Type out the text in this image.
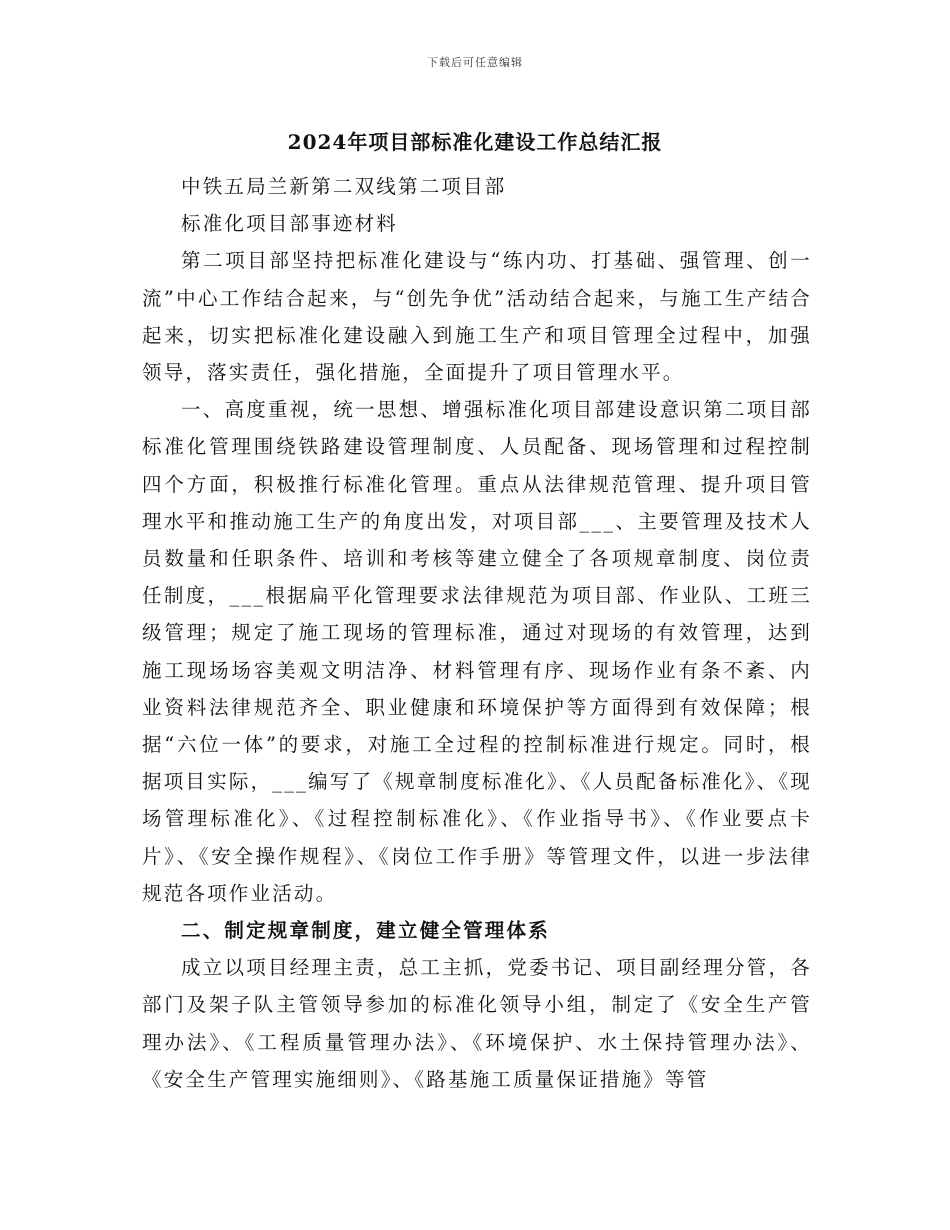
下载后可任意编辑
2024年项目部标准化建设工作总结汇报

中铁五局兰新第二双线第二项目部

标准化项目部事迹材料

第二项目部坚持把标准化建设与“练内功、打基础、强管理、创一流”中心工作结合起来，与“创先争优”活动结合起来，与施工生产结合起来，切实把标准化建设融入到施工生产和项目管理全过程中，加强领导，落实责任，强化措施，全面提升了项目管理水平。

一、高度重视，统一思想、增强标准化项目部建设意识第二项目部标准化管理围绕铁路建设管理制度、人员配备、现场管理和过程控制四个方面，积极推行标准化管理。重点从法律规范管理、提升项目管理水平和推动施工生产的角度出发，对项目部___、主要管理及技术人员数量和任职条件、培训和考核等建立健全了各项规章制度、岗位责任制度，___根据扁平化管理要求法律规范为项目部、作业队、工班三级管理；规定了施工现场的管理标准，通过对现场的有效管理，达到施工现场场容美观文明洁净、材料管理有序、现场作业有条不紊、内业资料法律规范齐全、职业健康和环境保护等方面得到有效保障；根据“六位一体”的要求，对施工全过程的控制标准进行规定。同时，根据项目实际，___编写了《规章制度标准化》、《人员配备标准化》、《现场管理标准化》、《过程控制标准化》、《作业指导书》、《作业要点卡片》、《安全操作规程》、《岗位工作手册》等管理文件，以进一步法律规范各项作业活动。

二、制定规章制度，建立健全管理体系

成立以项目经理主责，总工主抓，党委书记、项目副经理分管，各部门及架子队主管领导参加的标准化领导小组，制定了《安全生产管理办法》、《工程质量管理办法》、《环境保护、水土保持管理办法》、《安全生产管理实施细则》、《路基施工质量保证措施》等管
